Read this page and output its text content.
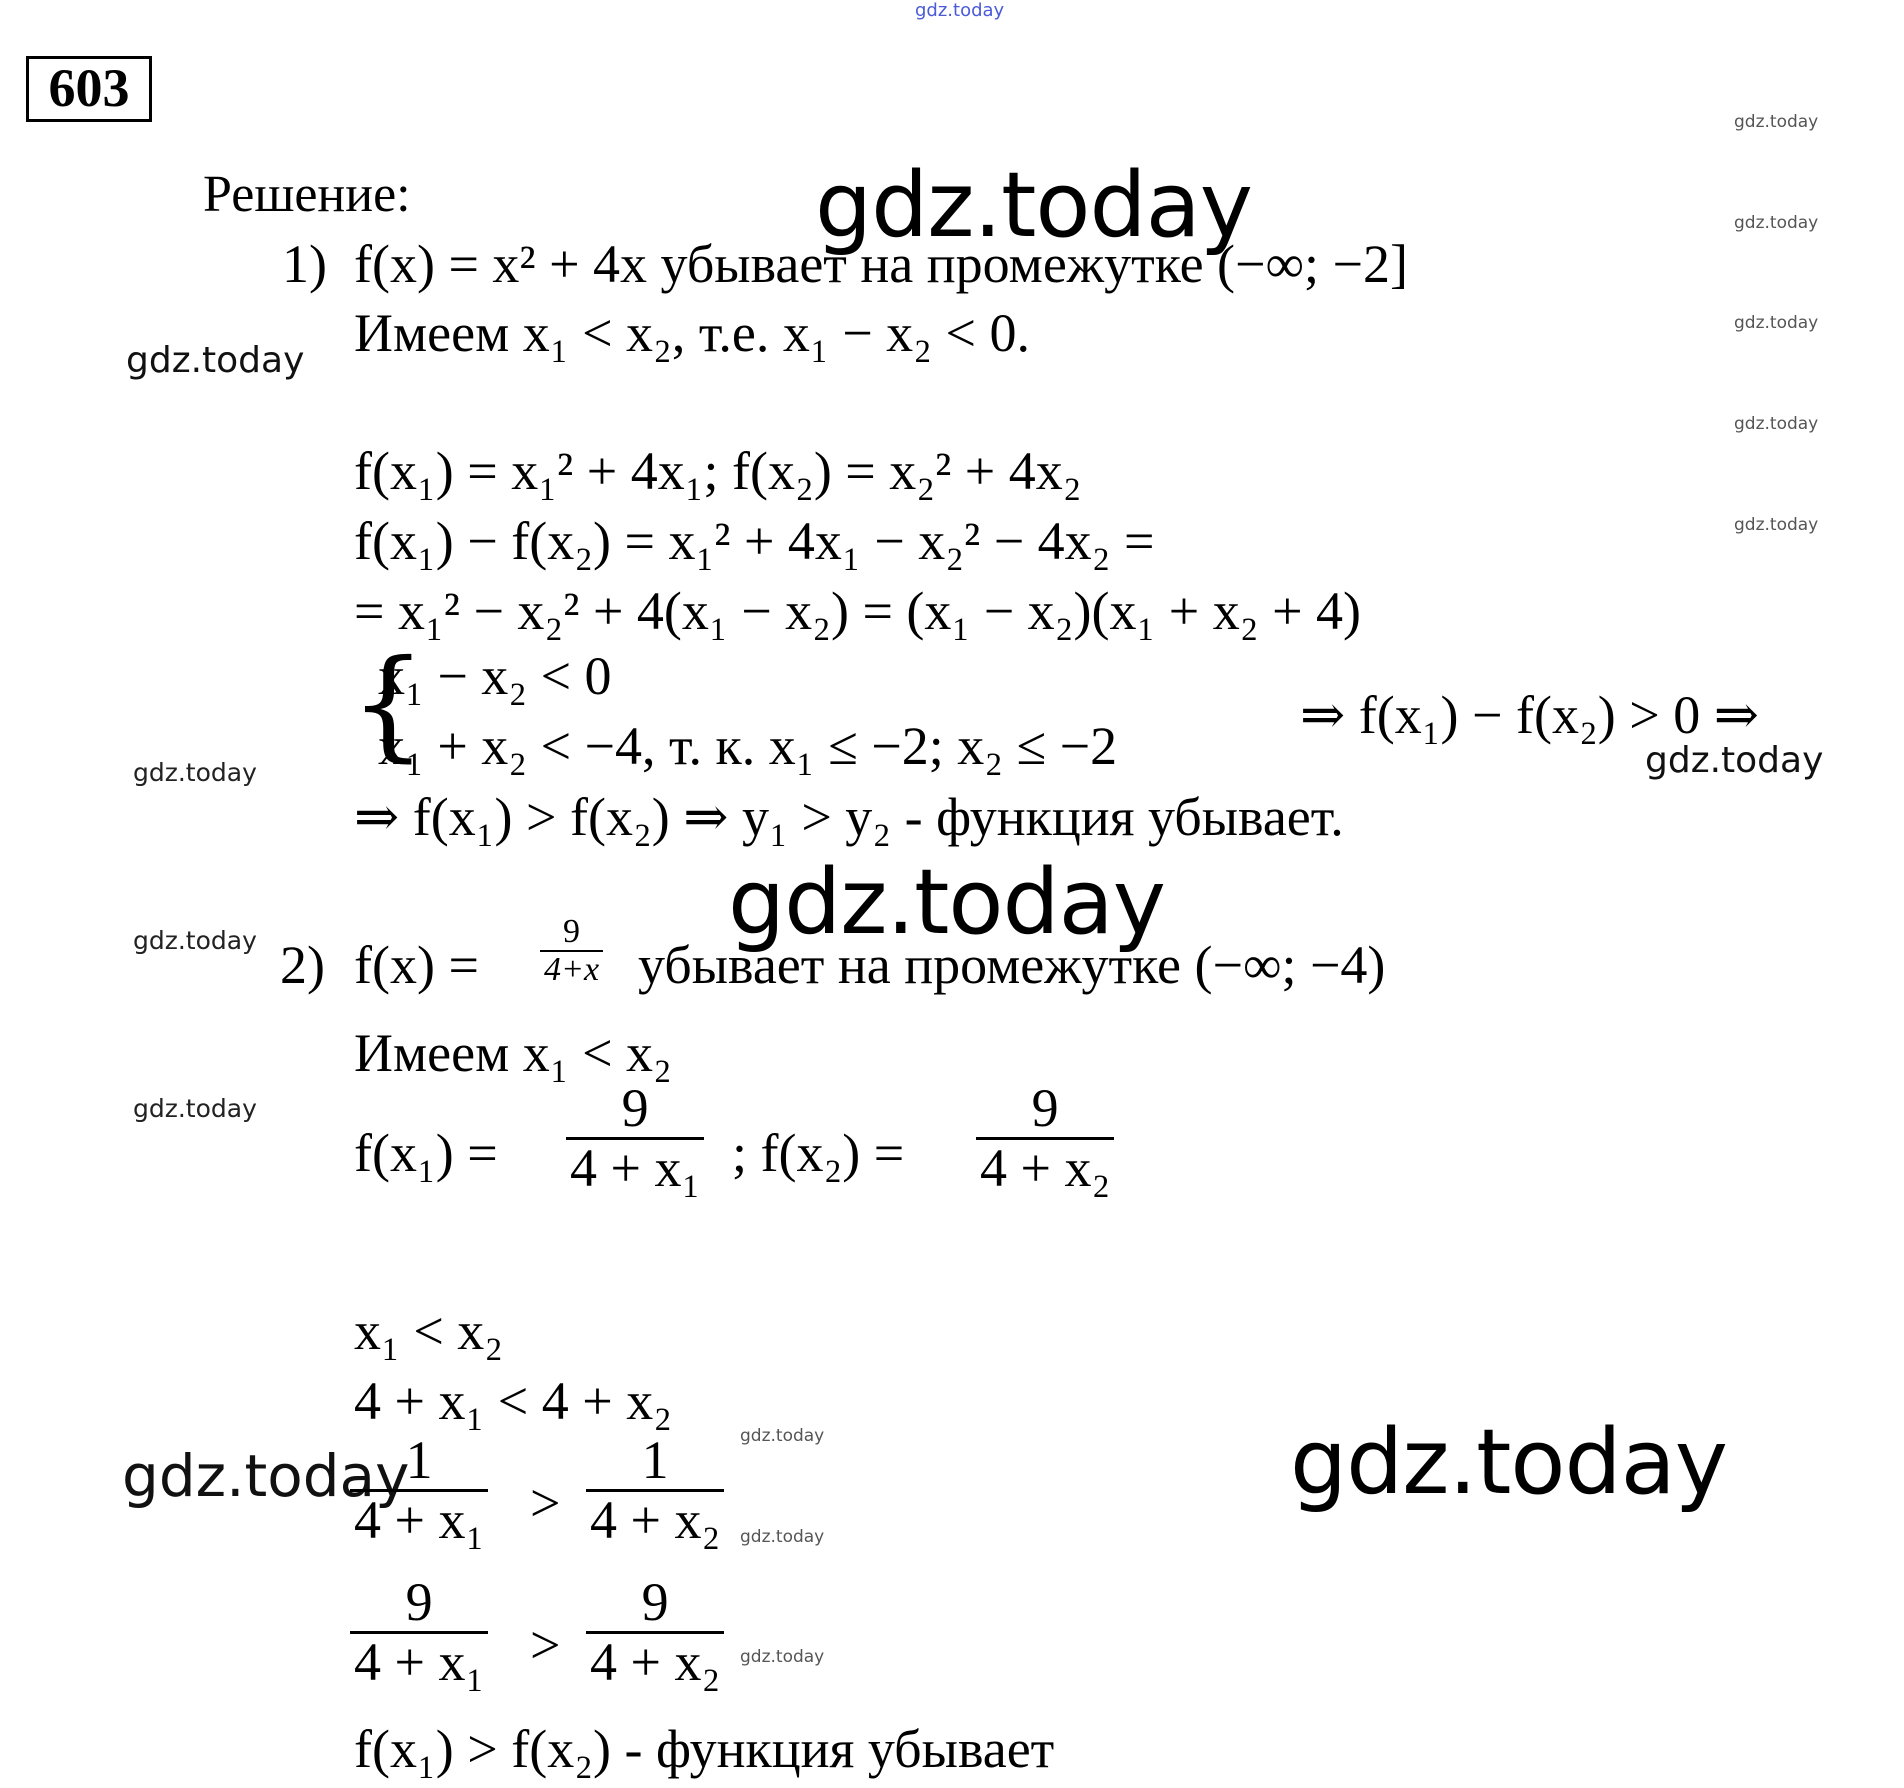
gdz.today
603
gdz.today
gdz.today
gdz.today
gdz.today
gdz.today
gdz.today
gdz.today
gdz.today
gdz.today
gdz.today
gdz.today
gdz.today
gdz.today
gdz.today
gdz.today
gdz.today
gdz.today
Решение:
1) f(x) = x² + 4x убывает на промежутке (−∞; −2]
Имеем x₁ < x₂, т.е. x₁ − x₂ < 0.
f(x₁) = x₁² + 4x₁; f(x₂) = x₂² + 4x₂
f(x₁) − f(x₂) = x₁² + 4x₁ − x₂² − 4x₂ =
= x₁² − x₂² + 4(x₁ − x₂) = (x₁ − x₂)(x₁ + x₂ + 4)
{
x₁ − x₂ < 0
x₁ + x₂ < −4, т. к. x₁ ≤ −2; x₂ ≤ −2
⇒ f(x₁) − f(x₂) > 0 ⇒
⇒ f(x₁) > f(x₂) ⇒ y₁ > y₂ - функция убывает.
2) $f(x) = \frac{9}{4+x}$ убывает на промежутке (−∞; −4)
Имеем x₁ < x₂
$f(x_1) = \frac{9}{\text{4 + x₁}}$ ; $f(x_2) = \frac{9}{\text{4 + x₂}}$
x₁ < x₂
4 + x₁ < 4 + x₂
$\frac{1}{\text{4 + x₁}} > \frac{1}{\text{4 + x₂}}$
$\frac{9}{\text{4 + x₁}} > \frac{9}{\text{4 + x₂}}$
f(x₁) > f(x₂) - функция убывает
